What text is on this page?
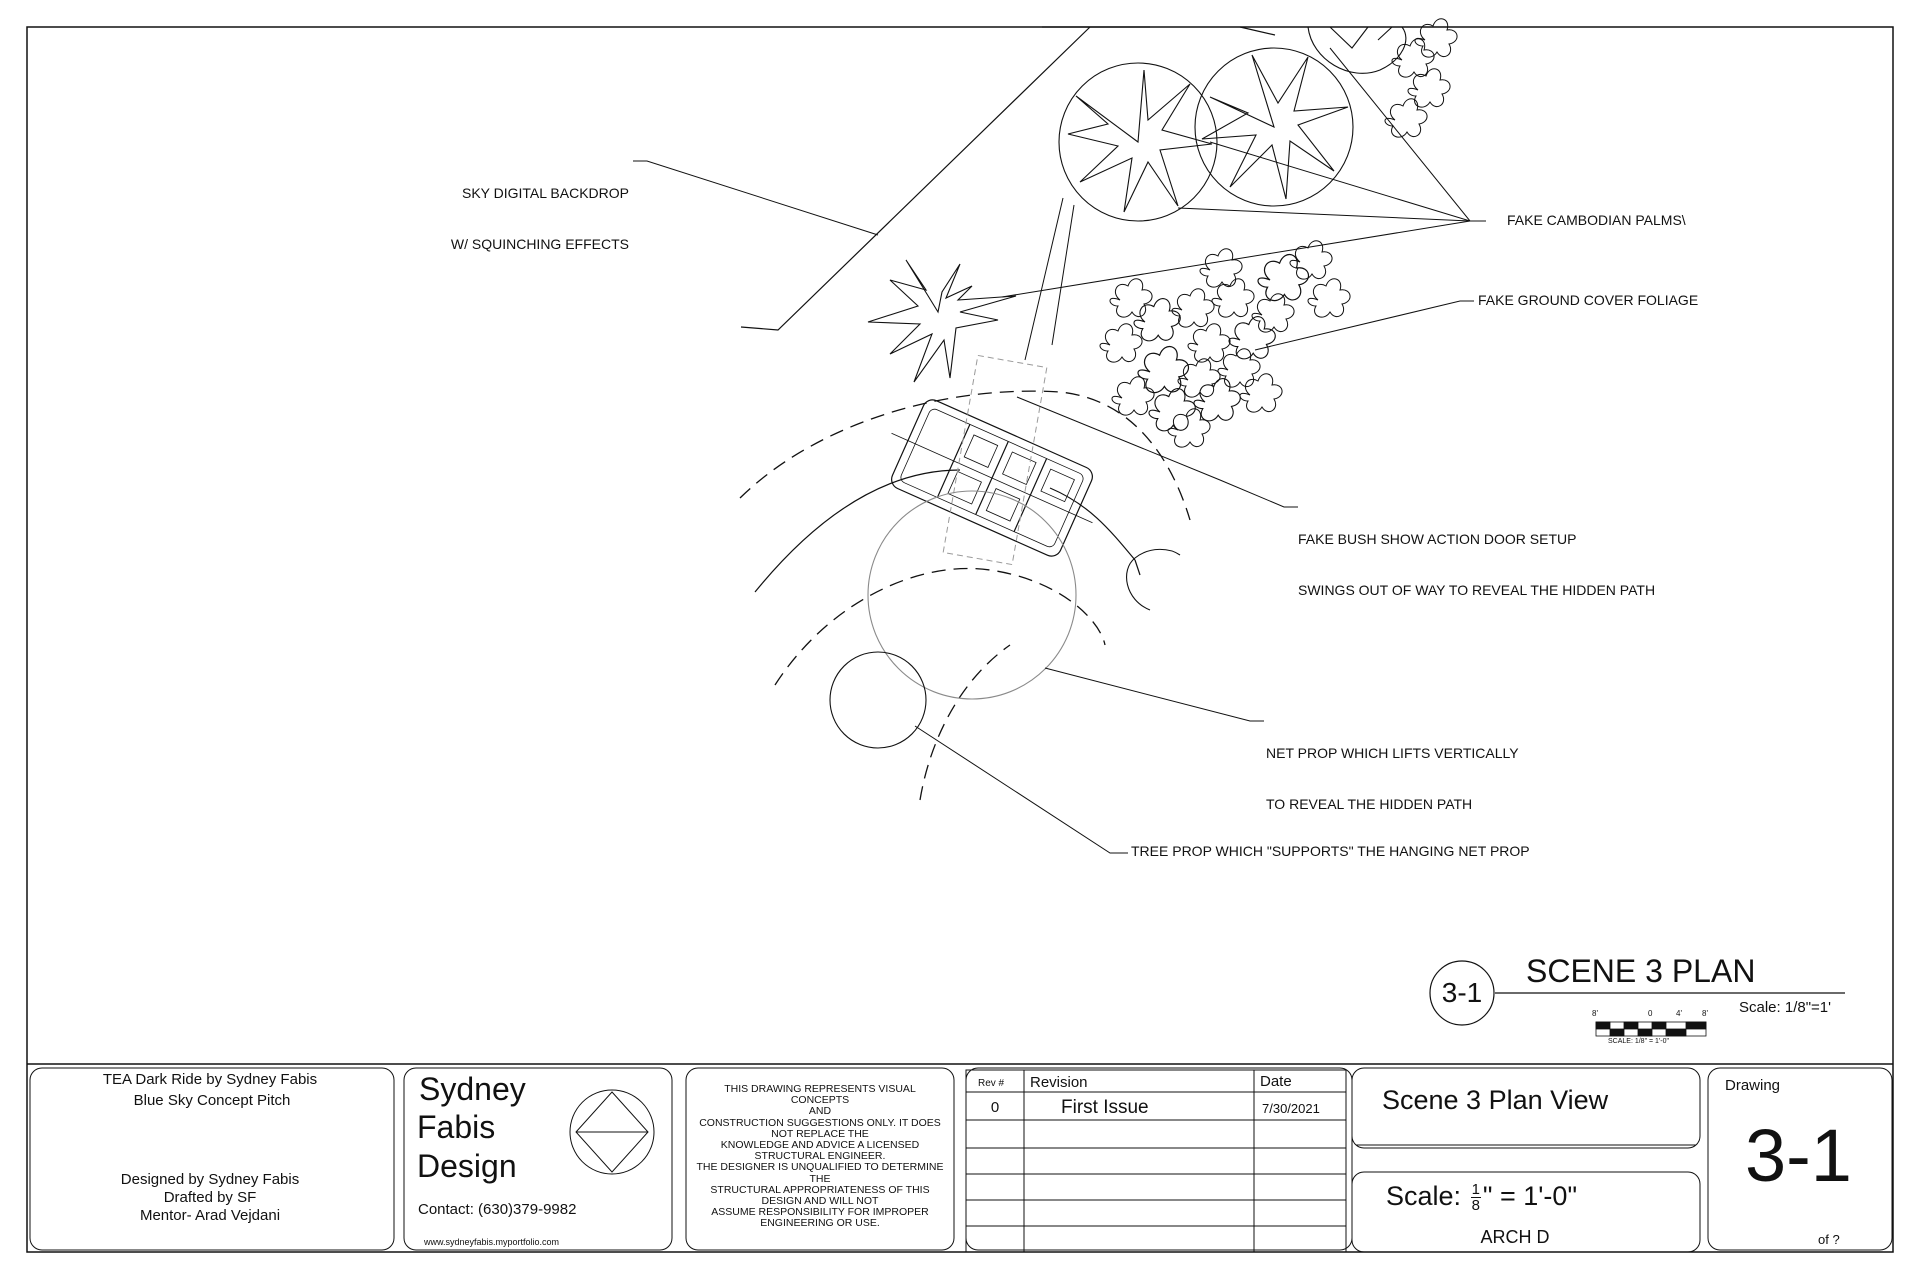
SKY DIGITAL BACKDROP

W/ SQUINCHING EFFECTS

FAKE CAMBODIAN PALMS\
FAKE GROUND COVER FOLIAGE

FAKE BUSH SHOW ACTION DOOR SETUP

SWINGS OUT OF WAY TO REVEAL THE HIDDEN PATH

NET PROP WHICH LIFTS VERTICALLY

TO REVEAL THE HIDDEN PATH

TREE PROP WHICH "SUPPORTS" THE HANGING NET PROP
3-1
SCENE 3 PLAN
Scale: 1/8"=1'
8'	0	4'	8'
SCALE: 1/8" = 1'-0"
TEA Dark Ride by Sydney Fabis
Blue Sky Concept Pitch
Designed by Sydney Fabis
Drafted by SF
Mentor- Arad Vejdani
Sydney
Fabis
Design
Contact: (630)379-9982
www.sydneyfabis.myportfolio.com
THIS DRAWING REPRESENTS VISUAL CONCEPTS
AND
CONSTRUCTION SUGGESTIONS ONLY. IT DOES
NOT REPLACE THE
KNOWLEDGE AND ADVICE A LICENSED
STRUCTURAL ENGINEER.
THE DESIGNER IS UNQUALIFIED TO DETERMINE
THE
STRUCTURAL APPROPRIATENESS OF THIS
DESIGN AND WILL NOT
ASSUME RESPONSIBILITY FOR IMPROPER
ENGINEERING OR USE.
Rev # Revision	Date
0	First Issue	7/30/2021 Scene 3 Plan View
Scale: $\frac{1}{8}$ " = 1'-0"
ARCH D
Drawing
3-1
of ?
